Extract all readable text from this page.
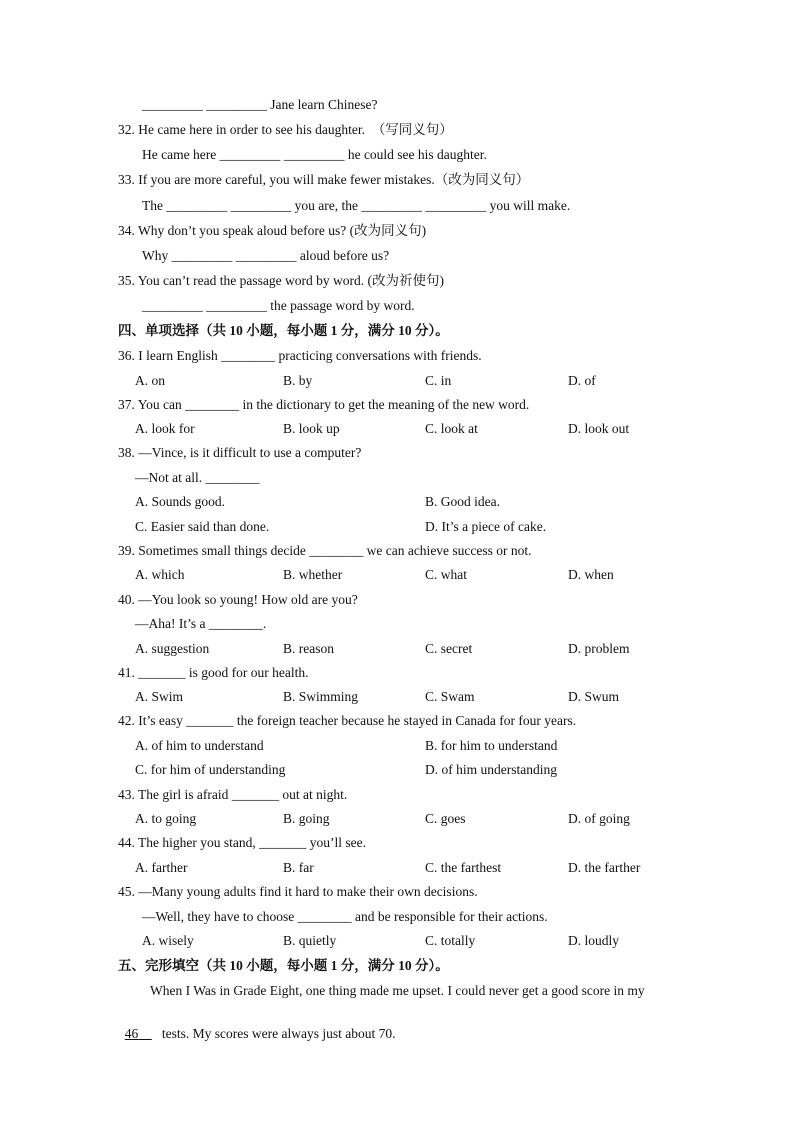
_________ _________ Jane learn Chinese?
32. He came here in order to see his daughter.  （写同义句）
He came here _________ _________ he could see his daughter.
33. If you are more careful, you will make fewer mistakes.（改为同义句）
The _________ _________ you are, the _________ _________ you will make.
34. Why don’t you speak aloud before us? (改为同义句)
Why _________ _________ aloud before us?
35. You can’t read the passage word by word. (改为祈使句)
_________ _________ the passage word by word.
四、单项选择（共 10 小题，每小题 1 分，满分 10 分）。
36. I learn English ________ practicing conversations with friends.
A. on	B. by	C. in	D. of
37. You can ________ in the dictionary to get the meaning of the new word.
A. look for	B. look up	C. look at	D. look out
38. —Vince, is it difficult to use a computer?
—Not at all. ________
A. Sounds good.	B. Good idea.
C. Easier said than done.	D. It’s a piece of cake.
39. Sometimes small things decide ________ we can achieve success or not.
A. which	B. whether	C. what	D. when
40. —You look so young! How old are you?
—Aha! It’s a ________.
A. suggestion	B. reason	C. secret	D. problem
41. _______ is good for our health.
A. Swim	B. Swimming	C. Swam	D. Swum
42. It’s easy _______ the foreign teacher because he stayed in Canada for four years.
A. of him to understand	B. for him to understand
C. for him of understanding	D. of him understanding
43. The girl is afraid _______ out at night.
A. to going	B. going	C. goes	D. of going
44. The higher you stand, _______ you’ll see.
A. farther	B. far	C. the farthest	D. the farther
45. —Many young adults find it hard to make their own decisions.
—Well, they have to choose ________ and be responsible for their actions.
A. wisely	B. quietly	C. totally	D. loudly
五、完形填空（共 10 小题，每小题 1 分，满分 10 分）。
When I Was in Grade Eight, one thing made me upset. I could never get a good score in my

46       tests. My scores were always just about 70.
